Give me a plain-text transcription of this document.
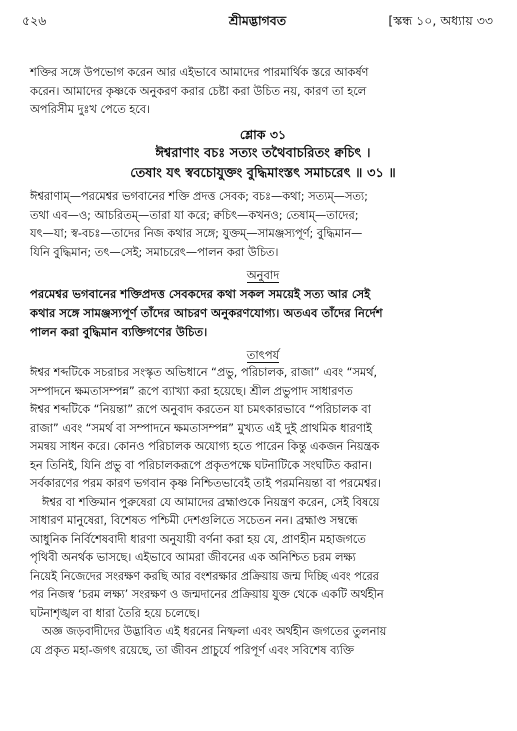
৫২৬	শ্রীমদ্ভাগবত	[স্কন্ধ ১০, অধ্যায় ৩৩

শক্তির সঙ্গে উপভোগ করেন আর এইভাবে আমাদের পারমার্থিক স্তরে আকর্ষণ

করেন। আমাদের কৃষ্ণকে অনুকরণ করার চেষ্টা করা উচিত নয়, কারণ তা হলে

অপরিসীম দুঃখ পেতে হবে।

শ্লোক ৩১

ঈশ্বরাণাং বচঃ সত্যং তথৈবাচরিতং ক্বচিৎ ।

তেষাং যৎ স্ববচোযুক্তং বুদ্ধিমাংস্তৎ সমাচরেৎ ॥ ৩১ ॥

ঈশ্বরাণাম্—পরমেশ্বর ভগবানের শক্তি প্রদত্ত সেবক; বচঃ—কথা; সত্যম্—সত্য;

তথা এব—ও; আচরিতম্—তারা যা করে; ক্বচিৎ—কখনও; তেষাম্—তাদের;

যৎ—যা; স্ব-বচঃ—তাদের নিজ কথার সঙ্গে; যুক্তম্—সামঞ্জস্যপূর্ণ; বুদ্ধিমান—

যিনি বুদ্ধিমান; তৎ—সেই; সমাচরেৎ—পালন করা উচিত।

অনুবাদ

পরমেশ্বর ভগবানের শক্তিপ্রদত্ত সেবকদের কথা সকল সময়েই সত্য আর সেই

কথার সঙ্গে সামঞ্জস্যপূর্ণ তাঁদের আচরণ অনুকরণযোগ্য। অতএব তাঁদের নির্দেশ

পালন করা বুদ্ধিমান ব্যক্তিগণের উচিত।

তাৎপর্য

ঈশ্বর শব্দটিকে সচরাচর সংস্কৃত অভিধানে “প্রভু, পরিচালক, রাজা” এবং “সমর্থ,

সম্পাদনে ক্ষমতাসম্পন্ন” রূপে ব্যাখ্যা করা হয়েছে। শ্রীল প্রভুপাদ সাধারণত

ঈশ্বর শব্দটিকে “নিয়ন্তা” রূপে অনুবাদ করতেন যা চমৎকারভাবে “পরিচালক বা

রাজা” এবং “সমর্থ বা সম্পাদনে ক্ষমতাসম্পন্ন” মুখ্যত এই দুই প্রাথমিক ধারণাই

সমন্বয় সাধন করে। কোনও পরিচালক অযোগ্য হতে পারেন কিন্তু একজন নিয়ন্ত্রক

হন তিনিই, যিনি প্রভু বা পরিচালকরূপে প্রকৃতপক্ষে ঘটনাটিকে সংঘটিত করান।

সর্বকারণের পরম কারণ ভগবান কৃষ্ণ নিশ্চিতভাবেই তাই পরমনিয়ন্তা বা পরমেশ্বর।

ঈশ্বর বা শক্তিমান পুরুষেরা যে আমাদের ব্রহ্মাণ্ডকে নিয়ন্ত্রণ করেন, সেই বিষয়ে

সাধারণ মানুষেরা, বিশেষত পশ্চিমী দেশগুলিতে সচেতন নন। ব্রহ্মাণ্ড সম্বন্ধে

আধুনিক নির্বিশেষবাদী ধারণা অনুযায়ী বর্ণনা করা হয় যে, প্রাণহীন মহাজগতে

পৃথিবী অনর্থক ভাসছে। এইভাবে আমরা জীবনের এক অনিশ্চিত চরম লক্ষ্য

নিয়েই নিজেদের সংরক্ষণ করছি আর বংশরক্ষার প্রক্রিয়ায় জন্ম দিচ্ছি এবং পরের

পর নিজস্ব ‘চরম লক্ষ্য’ সংরক্ষণ ও জন্মদানের প্রক্রিয়ায় যুক্ত থেকে একটি অর্থহীন

ঘটনাশৃঙ্খল বা ধারা তৈরি হয়ে চলেছে।

অজ্ঞ জড়বাদীদের উদ্ভাবিত এই ধরনের নিষ্ফলা এবং অর্থহীন জগতের তুলনায়

যে প্রকৃত মহা-জগৎ রয়েছে, তা জীবন প্রাচুর্যে পরিপূর্ণ এবং সবিশেষ ব্যক্তি
